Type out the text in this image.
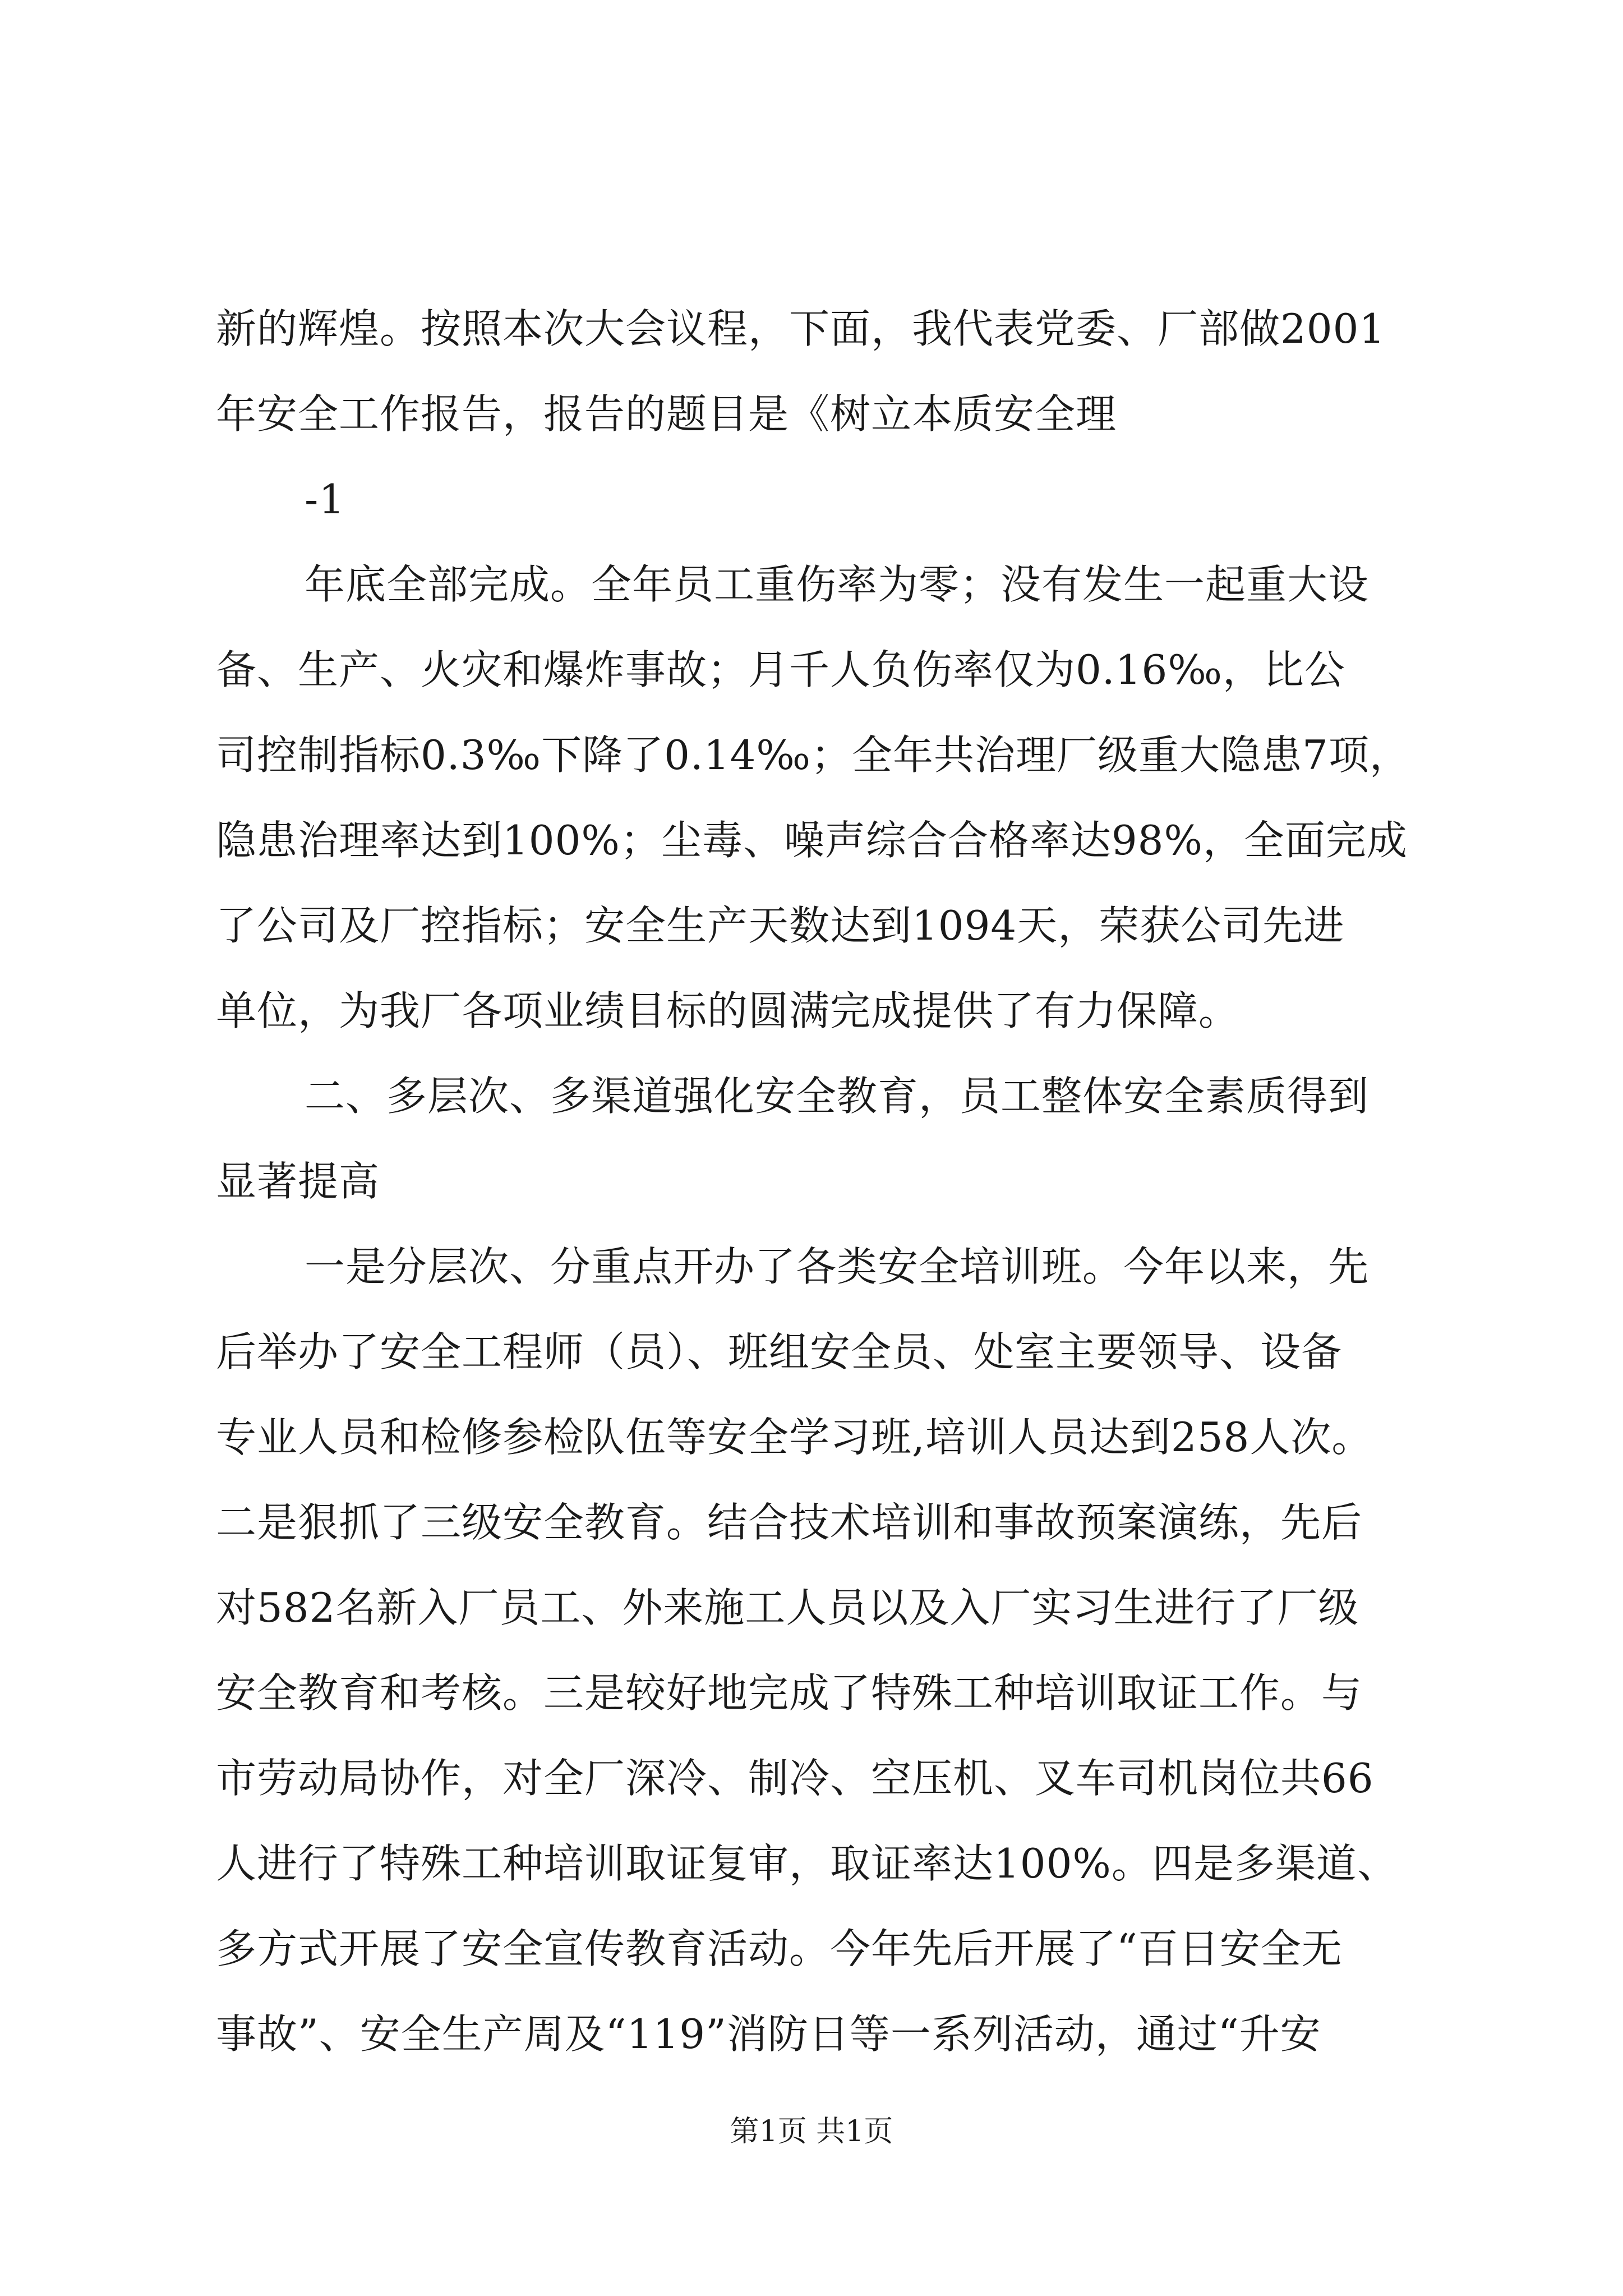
新的辉煌。按照本次大会议程，下面，我代表党委、厂部做2001
年安全工作报告，报告的题目是《树立本质安全理
-1
年底全部完成。全年员工重伤率为零；没有发生一起重大设
备、生产、火灾和爆炸事故；月千人负伤率仅为0.16‰，比公
司控制指标0.3‰下降了0.14‰；全年共治理厂级重大隐患7项，
隐患治理率达到100%；尘毒、噪声综合合格率达98%，全面完成
了公司及厂控指标；安全生产天数达到1094天，荣获公司先进
单位，为我厂各项业绩目标的圆满完成提供了有力保障。
二、多层次、多渠道强化安全教育，员工整体安全素质得到
显著提高
一是分层次、分重点开办了各类安全培训班。今年以来，先
后举办了安全工程师（员）、班组安全员、处室主要领导、设备
专业人员和检修参检队伍等安全学习班,培训人员达到258人次。
二是狠抓了三级安全教育。结合技术培训和事故预案演练，先后
对582名新入厂员工、外来施工人员以及入厂实习生进行了厂级
安全教育和考核。三是较好地完成了特殊工种培训取证工作。与
市劳动局协作，对全厂深冷、制冷、空压机、叉车司机岗位共66
人进行了特殊工种培训取证复审，取证率达100%。四是多渠道、
多方式开展了安全宣传教育活动。今年先后开展了“百日安全无
事故”、安全生产周及“119”消防日等一系列活动，通过“升安
第1页 共1页
